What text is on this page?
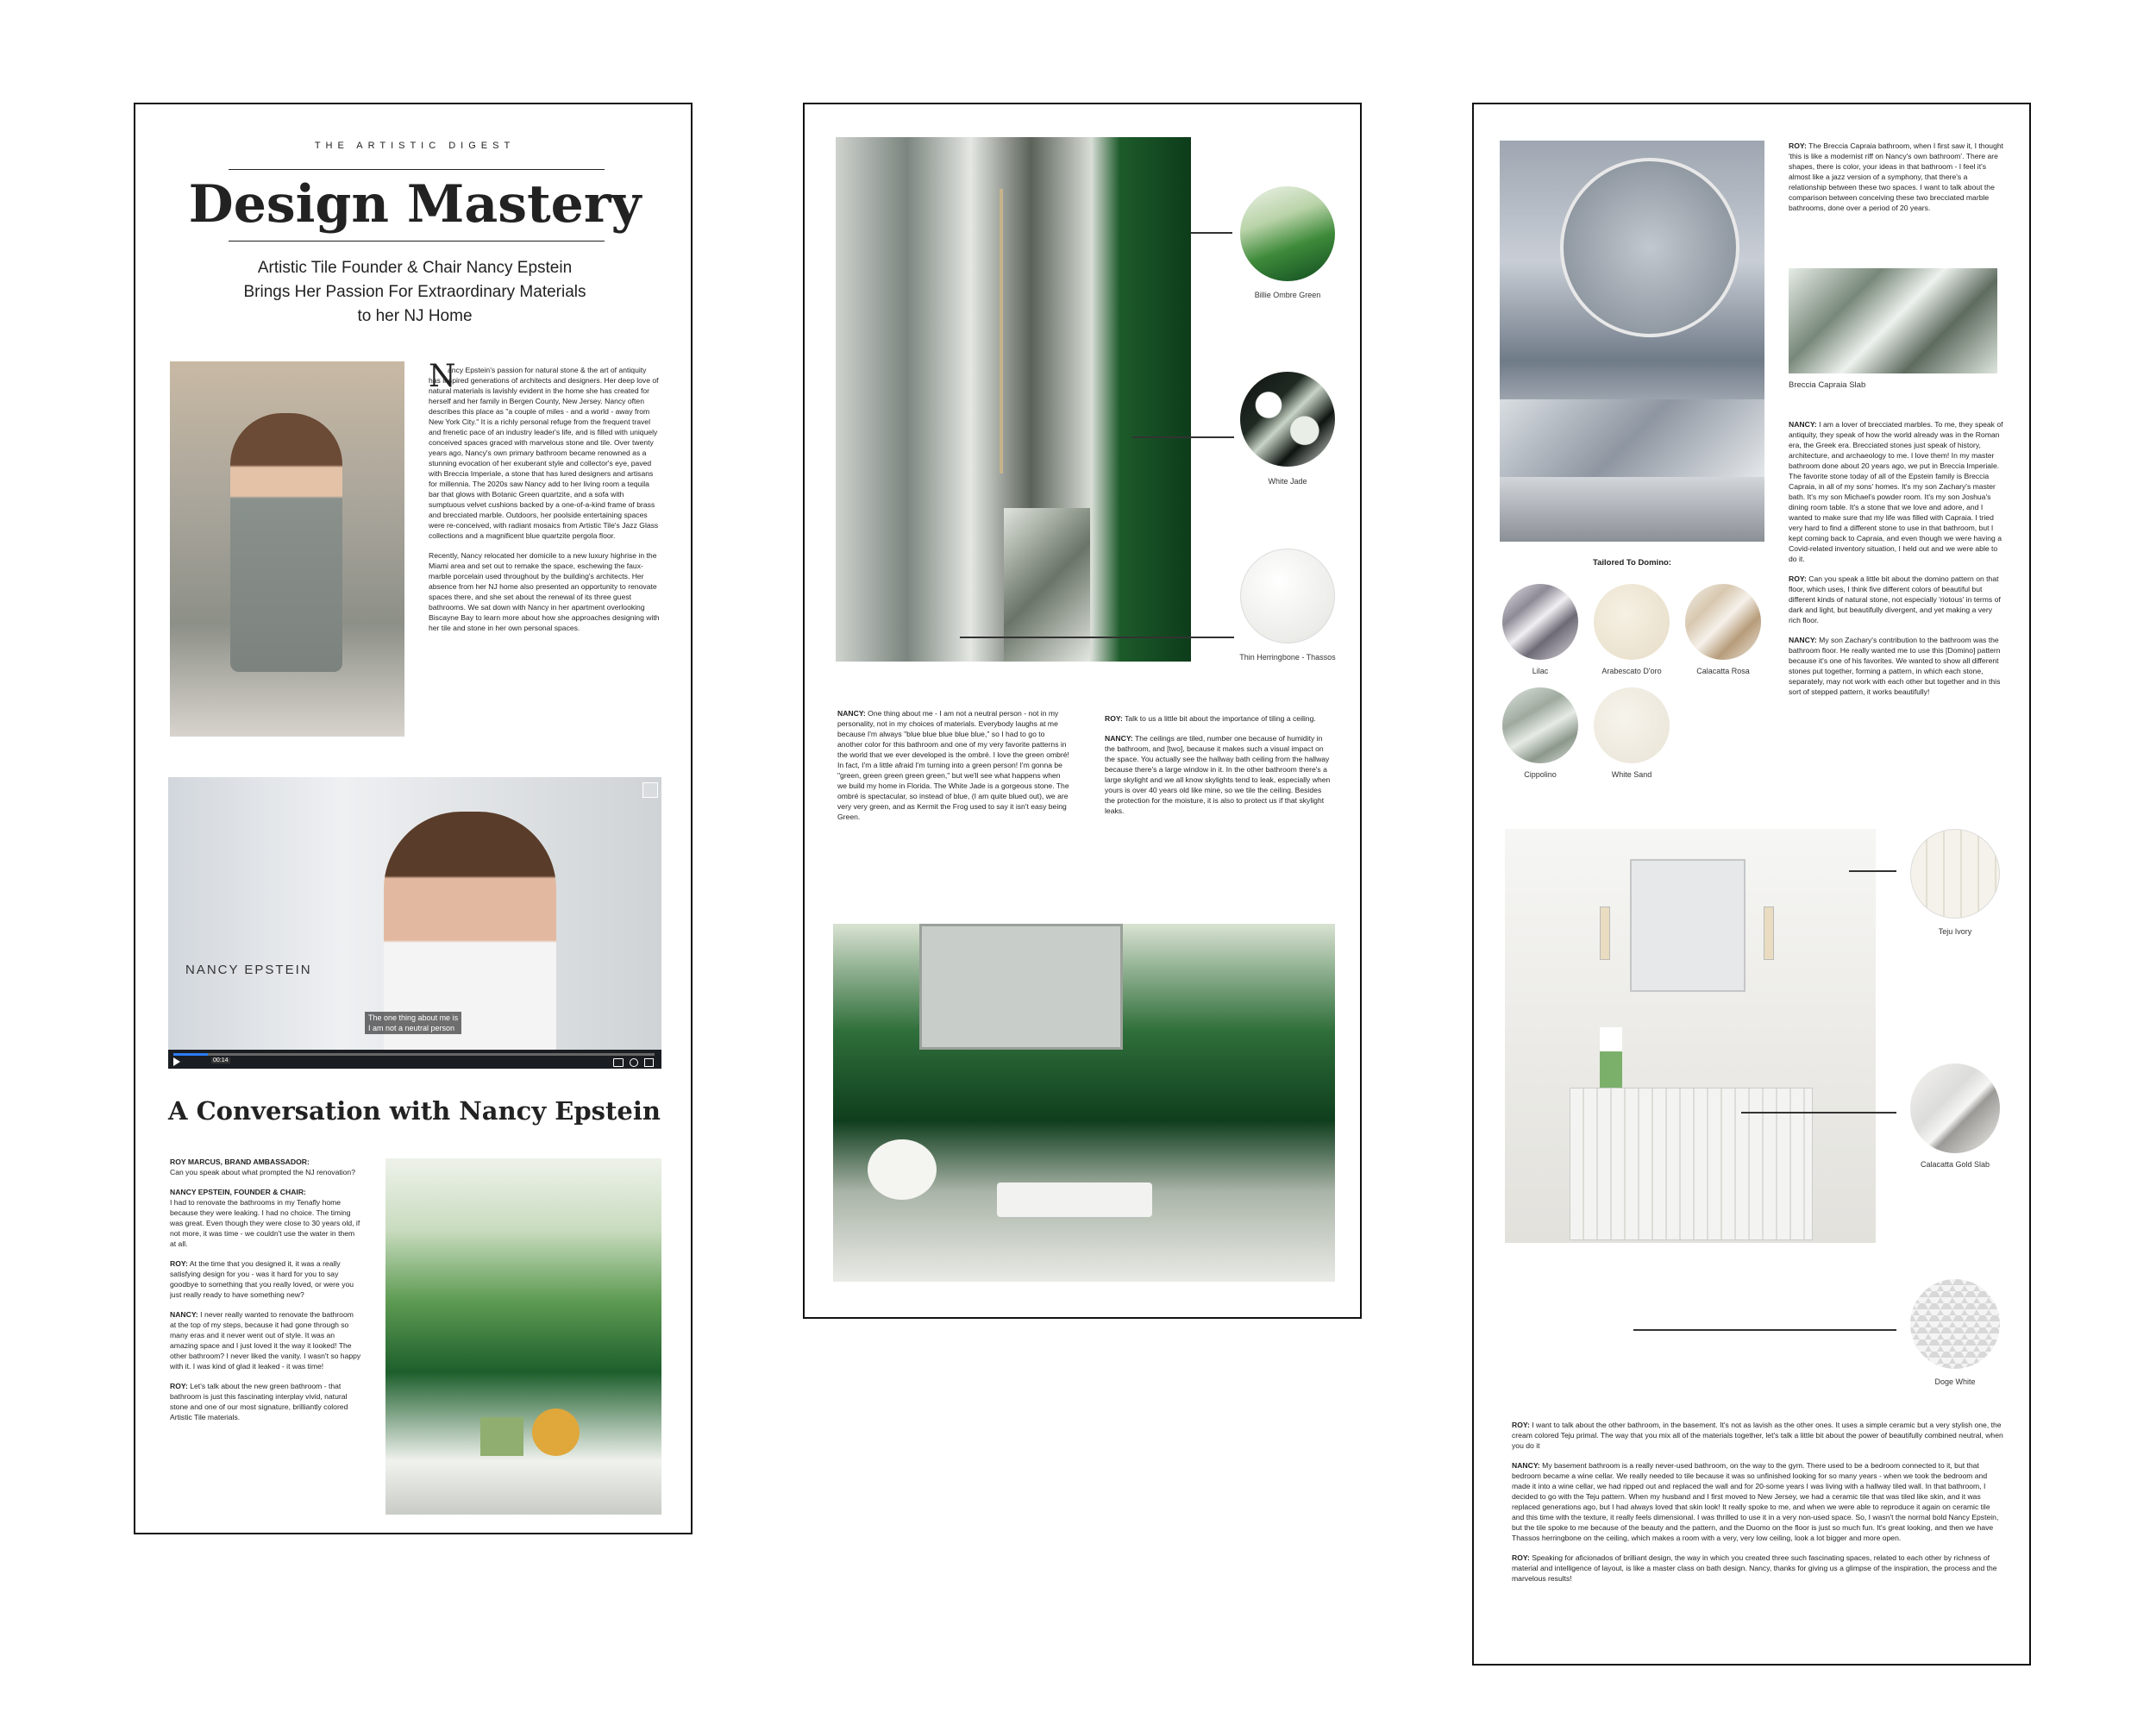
THE ARTISTIC DIGEST
Design Mastery
Artistic Tile Founder & Chair Nancy Epstein Brings Her Passion For Extraordinary Materials to her NJ Home
N

ancy Epstein's passion for natural stone & the art of antiquity has inspired generations of architects and designers. Her deep love of natural materials is lavishly evident in the home she has created for herself and her family in Bergen County, New Jersey. Nancy often describes this place as "a couple of miles - and a world - away from New York City." It is a richly personal refuge from the frequent travel and frenetic pace of an industry leader's life, and is filled with uniquely conceived spaces graced with marvelous stone and tile. Over twenty years ago, Nancy's own primary bathroom became renowned as a stunning evocation of her exuberant style and collector's eye, paved with Breccia Imperiale, a stone that has lured designers and artisans for millennia. The 2020s saw Nancy add to her living room a tequila bar that glows with Botanic Green quartzite, and a sofa with sumptuous velvet cushions backed by a one-of-a-kind frame of brass and brecciated marble. Outdoors, her poolside entertaining spaces were re-conceived, with radiant mosaics from Artistic Tile's Jazz Glass collections and a magnificent blue quartzite pergola floor.

Recently, Nancy relocated her domicile to a new luxury highrise in the Miami area and set out to remake the space, eschewing the faux-marble porcelain used throughout by the building's architects. Her absence from her NJ home also presented an opportunity to renovate spaces there, and she set about the renewal of its three guest bathrooms. We sat down with Nancy in her apartment overlooking Biscayne Bay to learn more about how she approaches designing with her tile and stone in her own personal spaces.

NANCY EPSTEIN
The one thing about me is
I am not a neutral person
00:14
A Conversation with Nancy Epstein

ROY MARCUS, BRAND AMBASSADOR:
Can you speak about what prompted the NJ renovation?

NANCY EPSTEIN, FOUNDER & CHAIR:
I had to renovate the bathrooms in my Tenafly home because they were leaking. I had no choice. The timing was great. Even though they were close to 30 years old, if not more, it was time - we couldn't use the water in them at all.

ROY: At the time that you designed it, it was a really satisfying design for you - was it hard for you to say goodbye to something that you really loved, or were you just really ready to have something new?

NANCY: I never really wanted to renovate the bathroom at the top of my steps, because it had gone through so many eras and it never went out of style. It was an amazing space and I just loved it the way it looked! The other bathroom? I never liked the vanity. I wasn't so happy with it. I was kind of glad it leaked - it was time!

ROY: Let's talk about the new green bathroom - that bathroom is just this fascinating interplay vivid, natural stone and one of our most signature, brilliantly colored Artistic Tile materials.

Billie Ombre Green
White Jade
Thin Herringbone - Thassos

NANCY: One thing about me - I am not a neutral person - not in my personality, not in my choices of materials. Everybody laughs at me because I'm always "blue blue blue blue blue," so I had to go to another color for this bathroom and one of my very favorite patterns in the world that we ever developed is the ombré. I love the green ombré! In fact, I'm a little afraid I'm turning into a green person! I'm gonna be "green, green green green green," but we'll see what happens when we build my home in Florida. The White Jade is a gorgeous stone. The ombré is spectacular, so instead of blue, (I am quite blued out), we are very very green, and as Kermit the Frog used to say it isn't easy being Green.

ROY: Talk to us a little bit about the importance of tiling a ceiling.

NANCY: The ceilings are tiled, number one because of humidity in the bathroom, and [two], because it makes such a visual impact on the space. You actually see the hallway bath ceiling from the hallway because there's a large window in it. In the other bathroom there's a large skylight and we all know skylights tend to leak, especially when yours is over 40 years old like mine, so we tile the ceiling. Besides the protection for the moisture, it is also to protect us if that skylight leaks.

ROY: The Breccia Capraia bathroom, when I first saw it, I thought 'this is like a modernist riff on Nancy's own bathroom'. There are shapes, there is color, your ideas in that bathroom - I feel it's almost like a jazz version of a symphony, that there's a relationship between these two spaces. I want to talk about the comparison between conceiving these two brecciated marble bathrooms, done over a period of 20 years.

Breccia Capraia Slab

NANCY: I am a lover of brecciated marbles. To me, they speak of antiquity, they speak of how the world already was in the Roman era, the Greek era. Brecciated stones just speak of history, architecture, and archaeology to me. I love them! In my master bathroom done about 20 years ago, we put in Breccia Imperiale. The favorite stone today of all of the Epstein family is Breccia Capraia, in all of my sons' homes. It's my son Zachary's master bath. It's my son Michael's powder room. It's my son Joshua's dining room table. It's a stone that we love and adore, and I wanted to make sure that my life was filled with Capraia. I tried very hard to find a different stone to use in that bathroom, but I kept coming back to Capraia, and even though we were having a Covid-related inventory situation, I held out and we were able to do it.

ROY: Can you speak a little bit about the domino pattern on that floor, which uses, I think five different colors of beautiful but different kinds of natural stone, not especially 'riotous' in terms of dark and light, but beautifully divergent, and yet making a very rich floor.

NANCY: My son Zachary's contribution to the bathroom was the bathroom floor. He really wanted me to use this [Domino] pattern because it's one of his favorites. We wanted to show all different stones put together, forming a pattern, in which each stone, separately, may not work with each other but together and in this sort of stepped pattern, it works beautifully!

Tailored To Domino:
Lilac	Arabescato D'oro	Calacatta Rosa
Cippolino	White Sand
Teju Ivory
Calacatta Gold Slab
Doge White

ROY: I want to talk about the other bathroom, in the basement. It's not as lavish as the other ones. It uses a simple ceramic but a very stylish one, the cream colored Teju primal. The way that you mix all of the materials together, let's talk a little bit about the power of beautifully combined neutral, when you do it

NANCY: My basement bathroom is a really never-used bathroom, on the way to the gym. There used to be a bedroom connected to it, but that bedroom became a wine cellar. We really needed to tile because it was so unfinished looking for so many years - when we took the bedroom and made it into a wine cellar, we had ripped out and replaced the wall and for 20-some years I was living with a hallway tiled wall. In that bathroom, I decided to go with the Teju pattern. When my husband and I first moved to New Jersey, we had a ceramic tile that was tiled like skin, and it was replaced generations ago, but I had always loved that skin look! It really spoke to me, and when we were able to reproduce it again on ceramic tile and this time with the texture, it really feels dimensional. I was thrilled to use it in a very non-used space. So, I wasn't the normal bold Nancy Epstein, but the tile spoke to me because of the beauty and the pattern, and the Duomo on the floor is just so much fun. It's great looking, and then we have Thassos herringbone on the ceiling, which makes a room with a very, very low ceiling, look a lot bigger and more open.

ROY: Speaking for aficionados of brilliant design, the way in which you created three such fascinating spaces, related to each other by richness of material and intelligence of layout, is like a master class on bath design. Nancy, thanks for giving us a glimpse of the inspiration, the process and the marvelous results!
